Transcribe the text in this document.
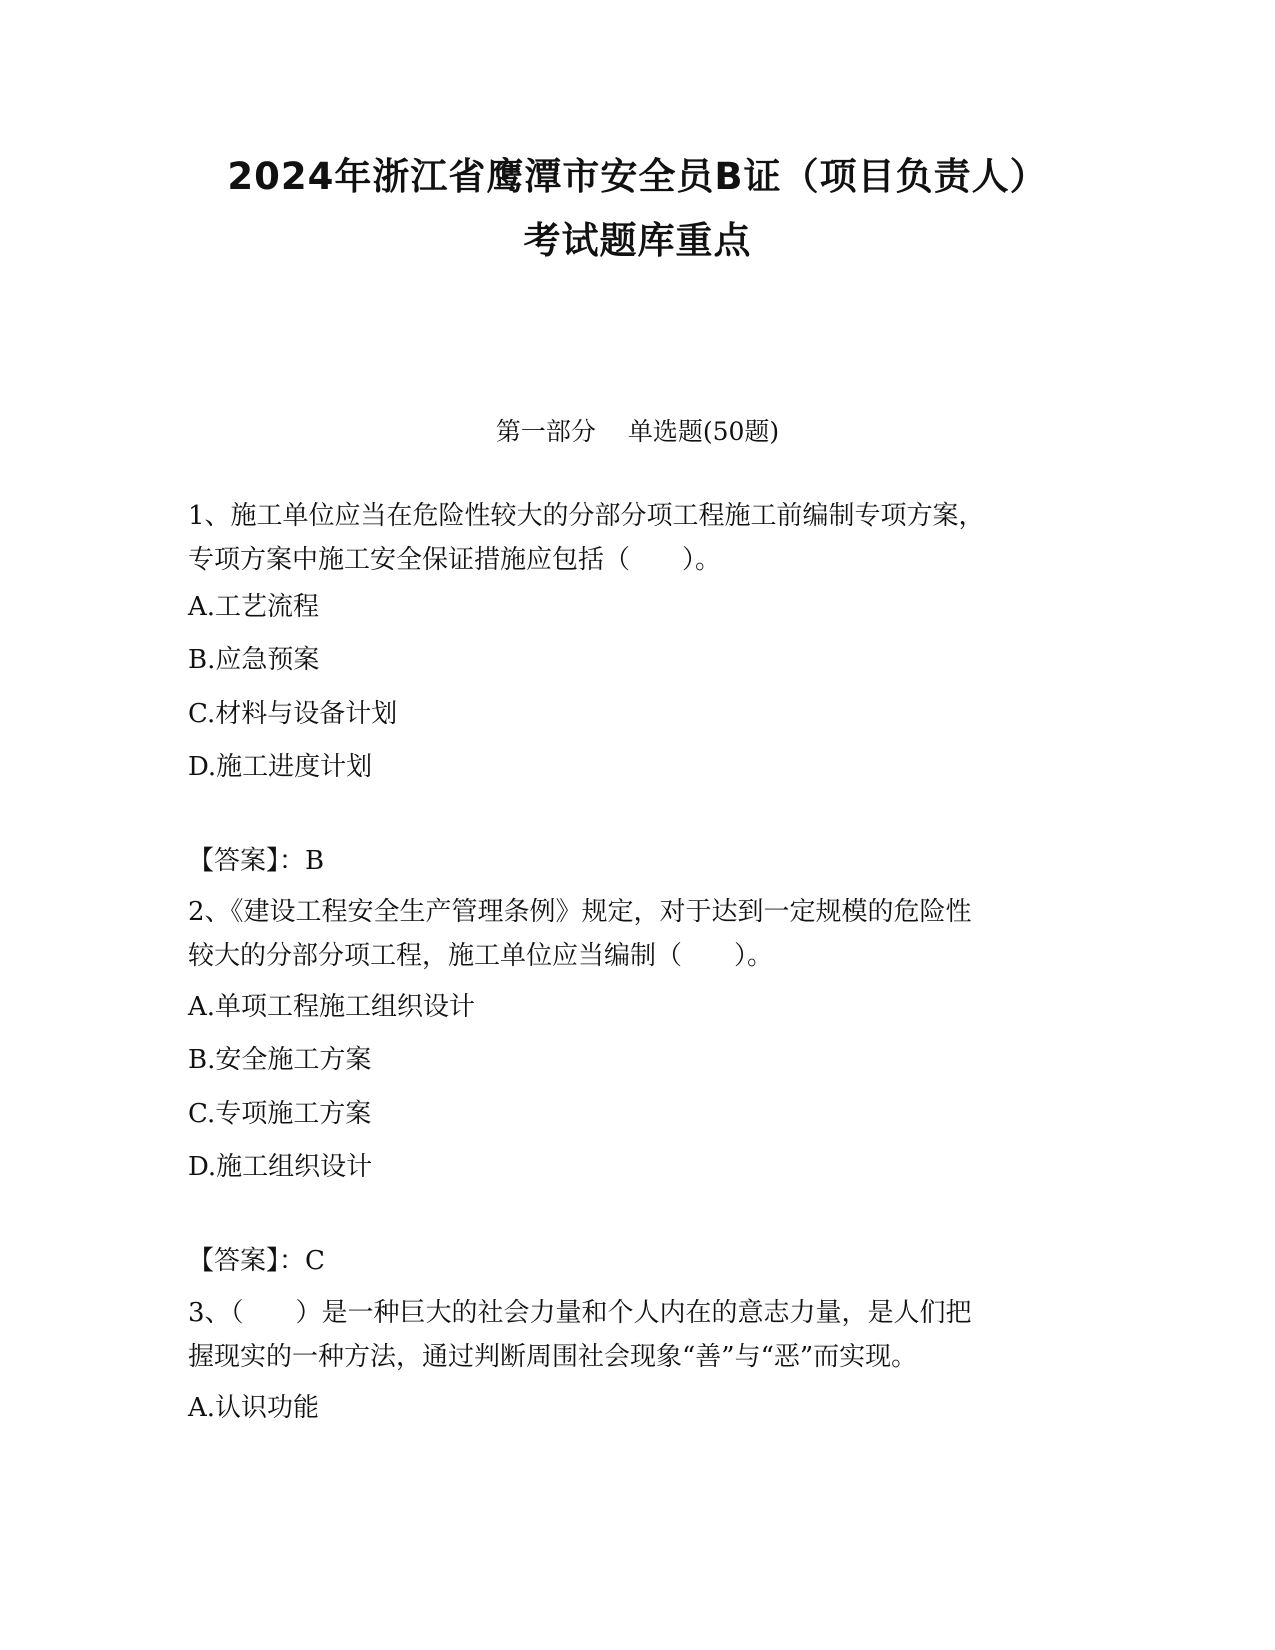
2024年浙江省鹰潭市安全员B证（项目负责人）
考试题库重点
第一部分 单选题(50题)

1、施工单位应当在危险性较大的分部分项工程施工前编制专项方案，

专项方案中施工安全保证措施应包括（　　）。

A.工艺流程

B.应急预案

C.材料与设备计划

D.施工进度计划

【答案】：B

2、《建设工程安全生产管理条例》规定，对于达到一定规模的危险性

较大的分部分项工程，施工单位应当编制（　　）。

A.单项工程施工组织设计

B.安全施工方案

C.专项施工方案

D.施工组织设计

【答案】：C

3、（　　）是一种巨大的社会力量和个人内在的意志力量，是人们把

握现实的一种方法，通过判断周围社会现象“善”与“恶”而实现。

A.认识功能
